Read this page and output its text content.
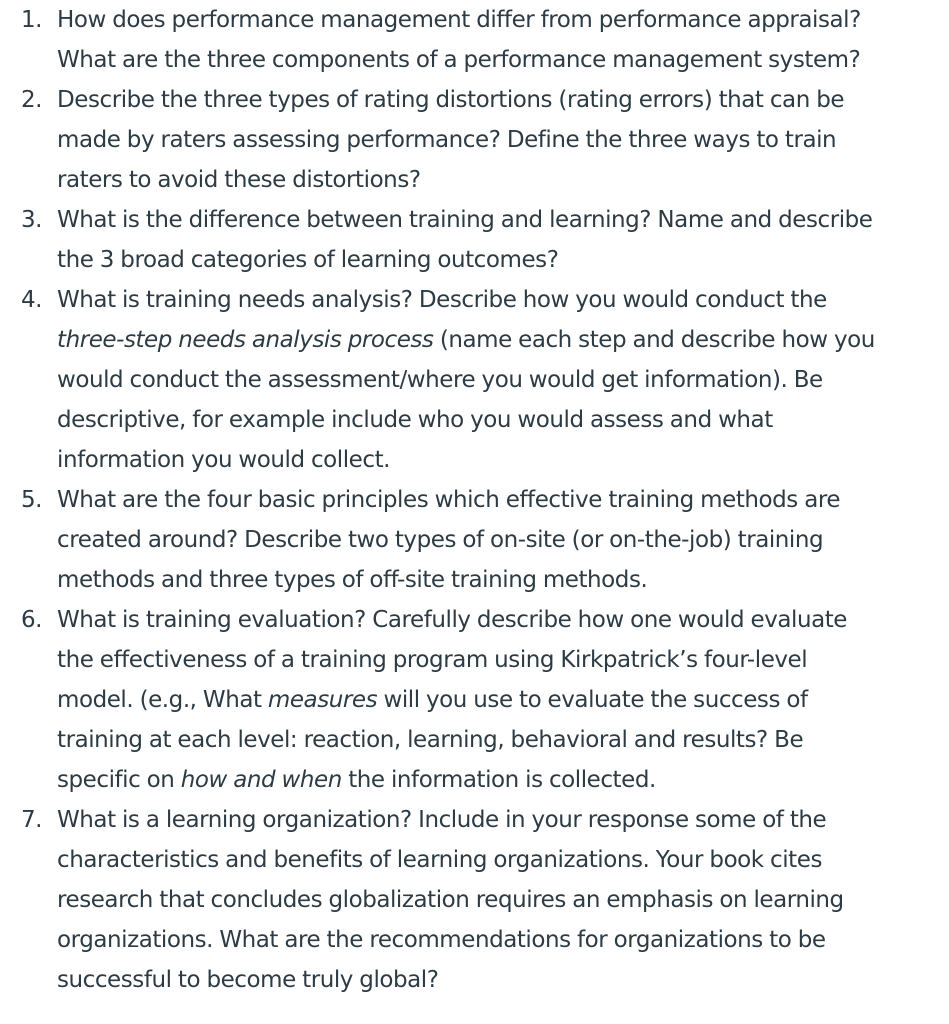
1. How does performance management differ from performance appraisal?
What are the three components of a performance management system?
2. Describe the three types of rating distortions (rating errors) that can be
made by raters assessing performance? Define the three ways to train
raters to avoid these distortions?
3. What is the difference between training and learning? Name and describe
the 3 broad categories of learning outcomes?
4. What is training needs analysis? Describe how you would conduct the
three-step needs analysis process (name each step and describe how you
would conduct the assessment/where you would get information). Be
descriptive, for example include who you would assess and what
information you would collect.
5. What are the four basic principles which effective training methods are
created around? Describe two types of on-site (or on-the-job) training
methods and three types of off-site training methods.
6. What is training evaluation? Carefully describe how one would evaluate
the effectiveness of a training program using Kirkpatrick’s four-level
model. (e.g., What measures will you use to evaluate the success of
training at each level: reaction, learning, behavioral and results? Be
specific on how and when the information is collected.
7. What is a learning organization? Include in your response some of the
characteristics and benefits of learning organizations. Your book cites
research that concludes globalization requires an emphasis on learning
organizations. What are the recommendations for organizations to be
successful to become truly global?
